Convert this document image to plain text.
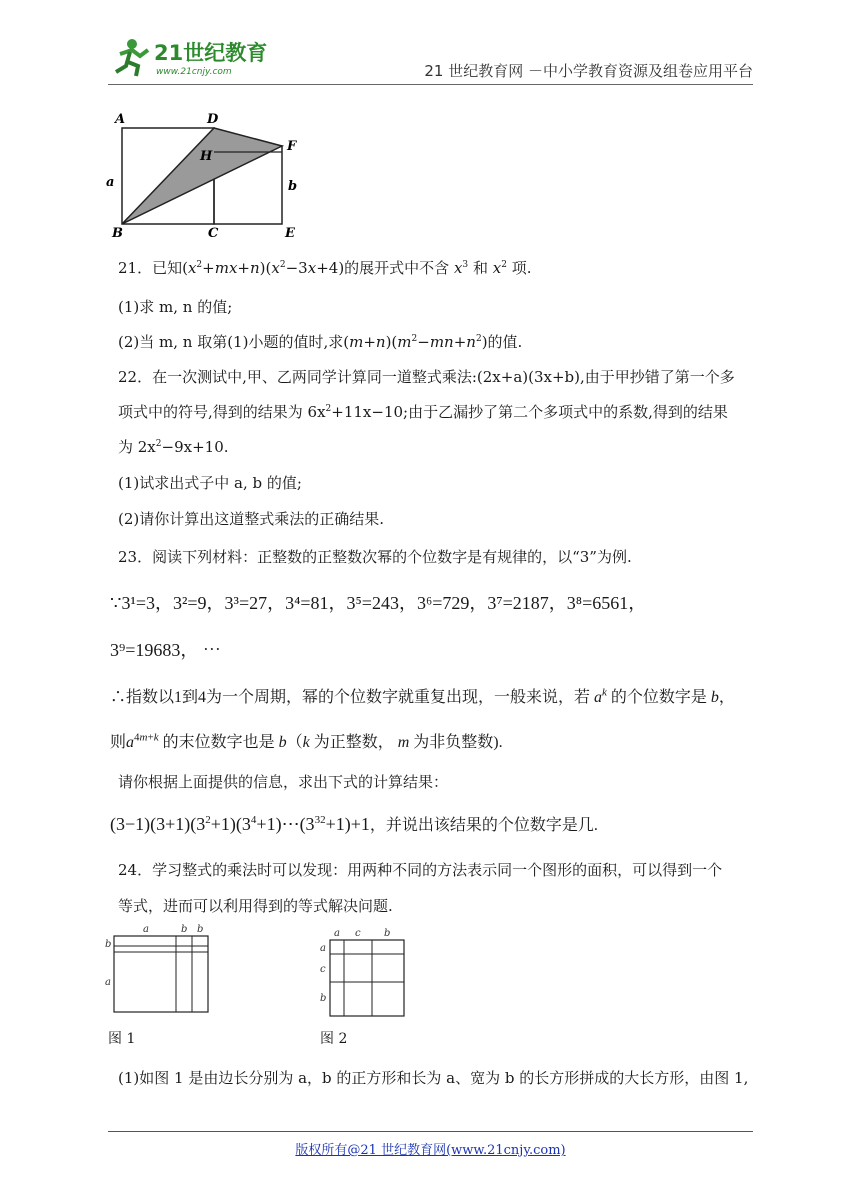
21世纪教育
www.21cnjy.com	21 世纪教育网 －中小学教育资源及组卷应用平台
A	D
F
H
a	b
B	C	E
21．已知$(x^2+mx+n)(x^2-3x+4)$的展开式中不含 $x^3$ 和 $x^2$ 项.
(1)求 m, n 的值;
(2)当 m, n 取第(1)小题的值时,求$(m+n)(m^2-mn+n^2)$的值.
22．在一次测试中,甲、乙两同学计算同一道整式乘法:(2x+a)(3x+b),由于甲抄错了第一个多
项式中的符号,得到的结果为 $6x^2+11x-10$;由于乙漏抄了第二个多项式中的系数,得到的结果
为 $2x^2-9x+10$.
(1)试求出式子中 a, b 的值;
(2)请你计算出这道整式乘法的正确结果.
23．阅读下列材料：正整数的正整数次幂的个位数字是有规律的，以“3”为例.
∵3¹=3，3²=9，3³=27，3⁴=81，3⁵=243，3⁶=729，3⁷=2187，3⁸=6561，
3⁹=19683， ⋯
∴指数以1到4为一个周期，幂的个位数字就重复出现，一般来说，若 $a^k$ 的个位数字是 b，
则$a^{4m+k}$ 的末位数字也是 b（k 为正整数， m 为非负整数).
请你根据上面提供的信息，求出下式的计算结果：
$(3-1)(3+1)(3^2+1)(3^4+1)\cdots(3^{32}+1)+1$，并说出该结果的个位数字是几.
24．学习整式的乘法时可以发现：用两种不同的方法表示同一个图形的面积，可以得到一个
等式，进而可以利用得到的等式解决问题.
a	b b
b
a
图 1
a c b
a
c
b
图 2
(1)如图 1 是由边长分别为 a，b 的正方形和长为 a、宽为 b 的长方形拼成的大长方形，由图 1,
版权所有@21 世纪教育网(www.21cnjy.com)
